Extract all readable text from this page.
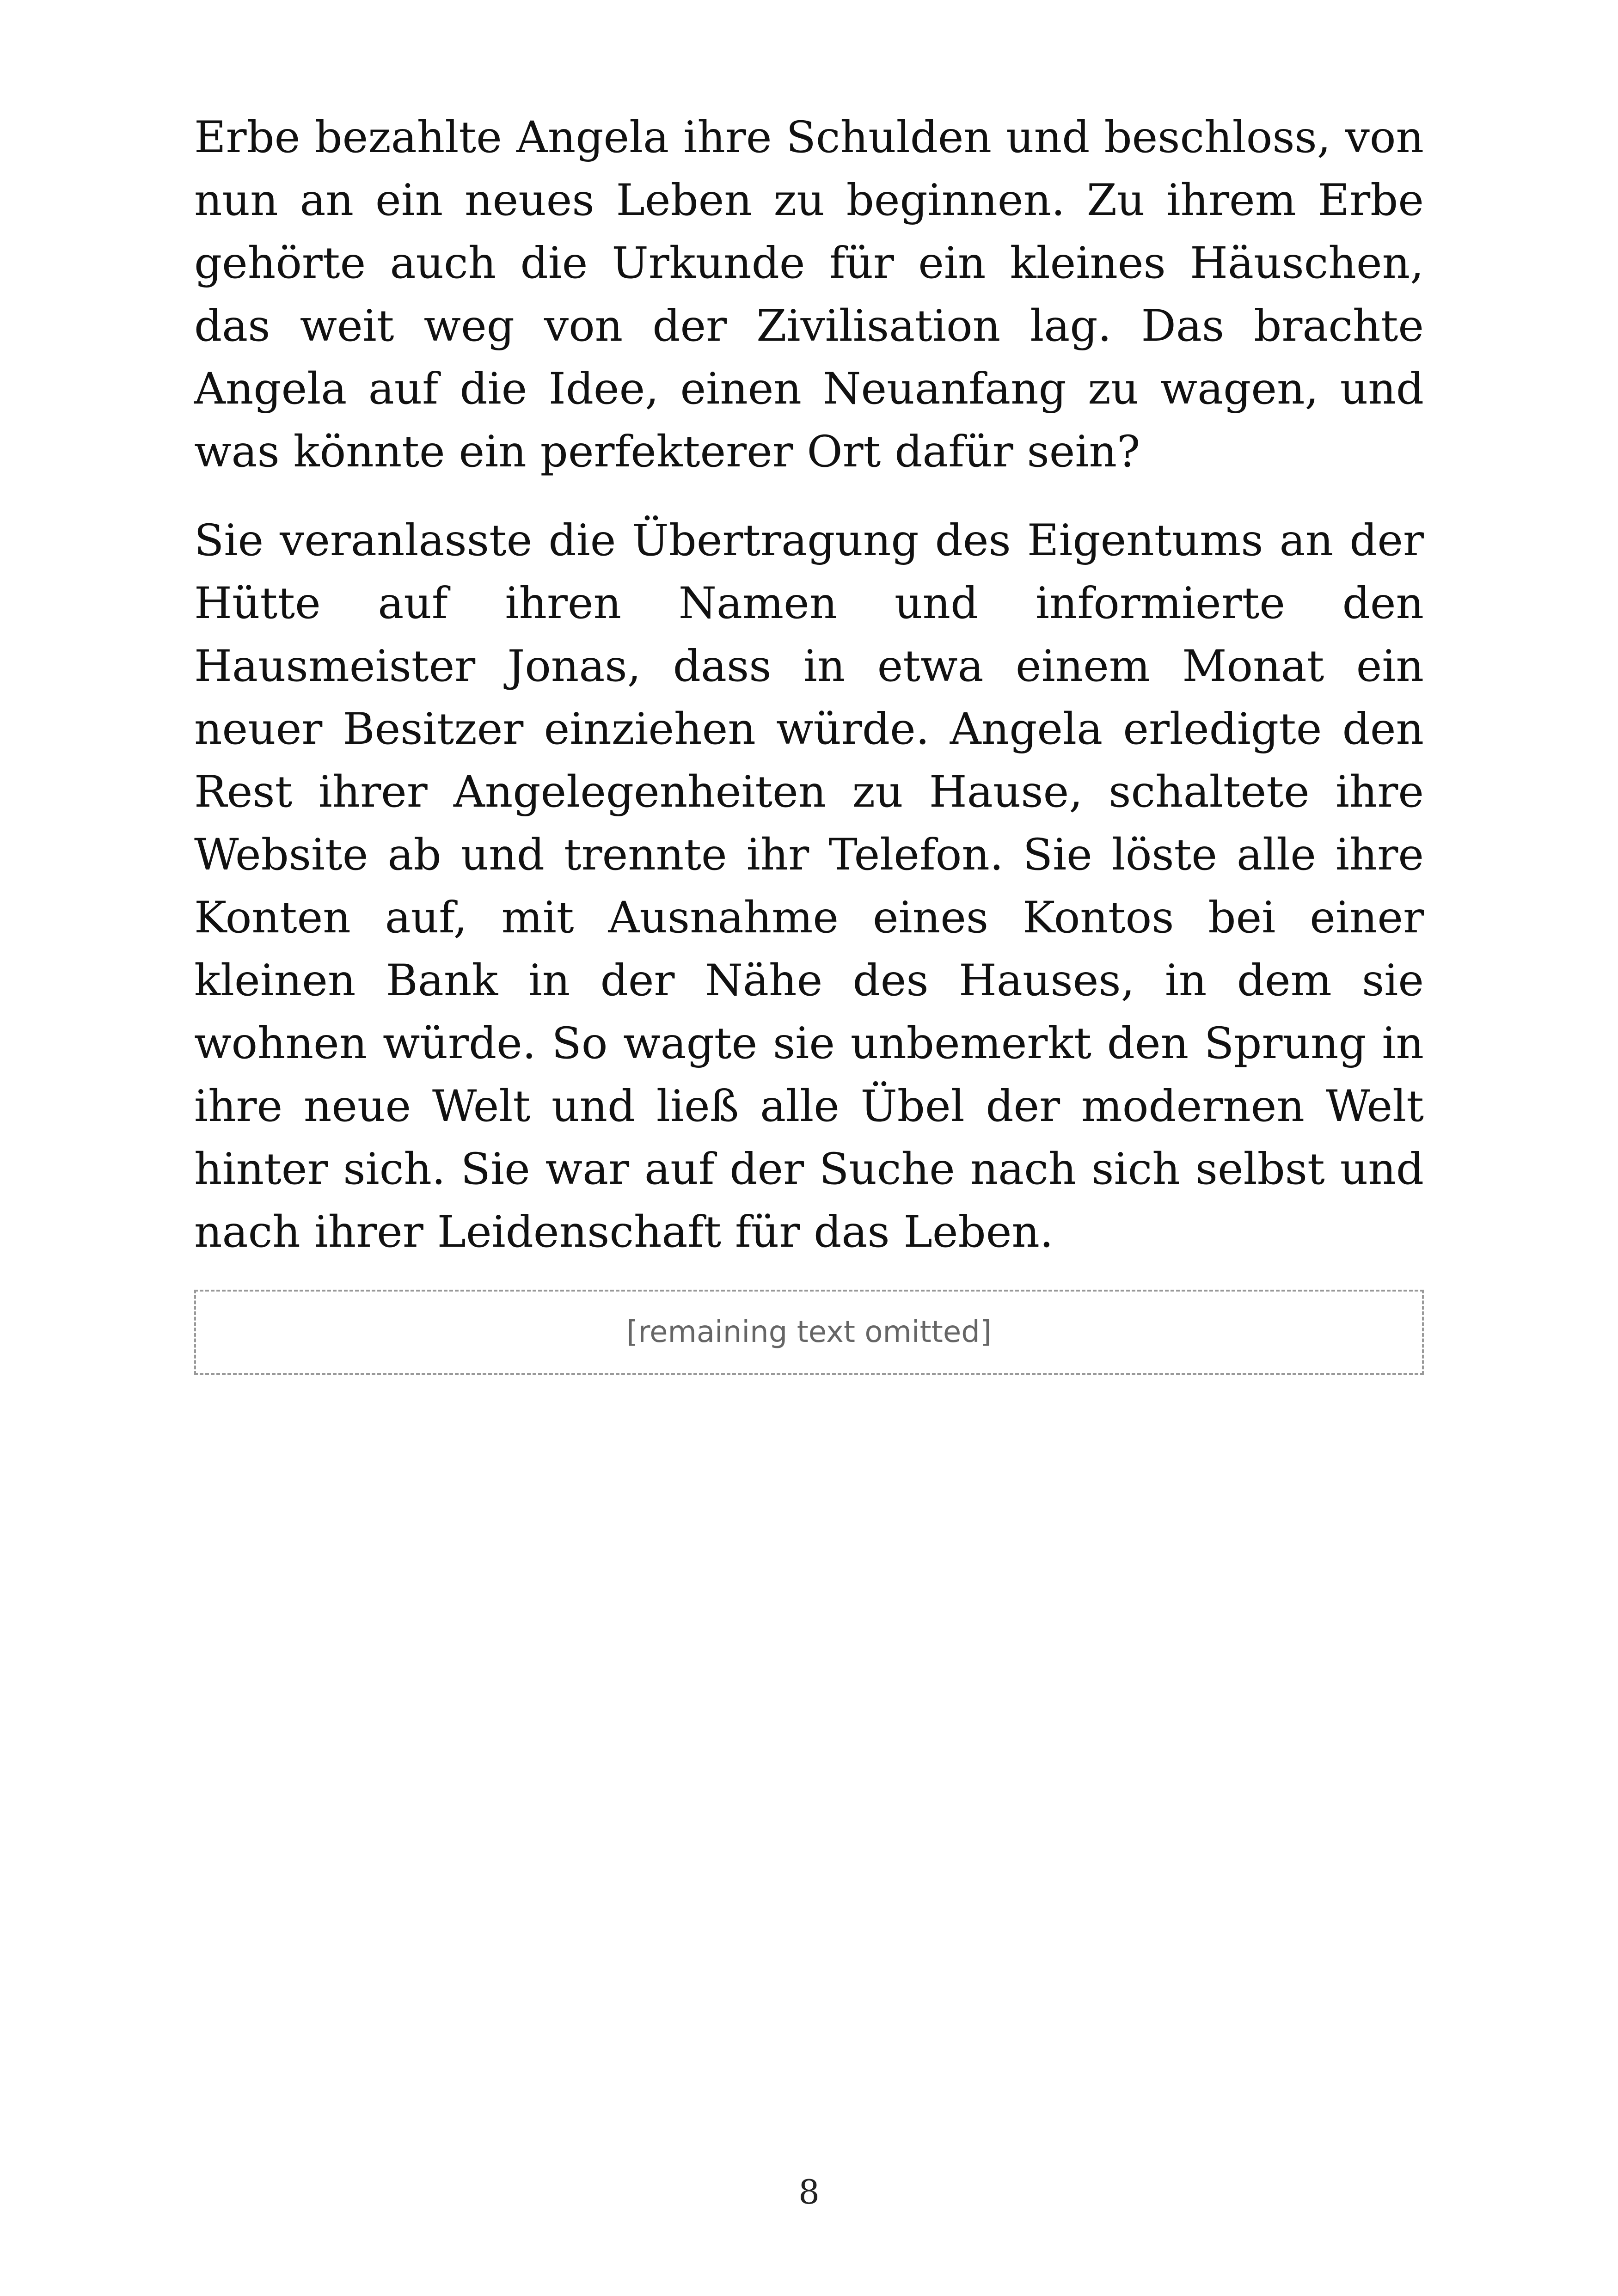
Erbe bezahlte Angela ihre Schulden und beschloss, von nun an ein neues Leben zu beginnen. Zu ihrem Erbe gehörte auch die Urkunde für ein kleines Häuschen, das weit weg von der Zivilisation lag. Das brachte Angela auf die Idee, einen Neuanfang zu wagen, und was könnte ein perfekterer Ort dafür sein?

Sie veranlasste die Übertragung des Eigentums an der Hütte auf ihren Namen und informierte den Hausmeister Jonas, dass in etwa einem Monat ein neuer Besitzer einziehen würde. Angela erledigte den Rest ihrer Angelegenheiten zu Hause, schaltete ihre Website ab und trennte ihr Telefon. Sie löste alle ihre Konten auf, mit Ausnahme eines Kontos bei einer kleinen Bank in der Nähe des Hauses, in dem sie wohnen würde. So wagte sie unbemerkt den Sprung in ihre neue Welt und ließ alle Übel der modernen Welt hinter sich. Sie war auf der Suche nach sich selbst und nach ihrer Leidenschaft für das Leben.

[remaining text omitted]
8
